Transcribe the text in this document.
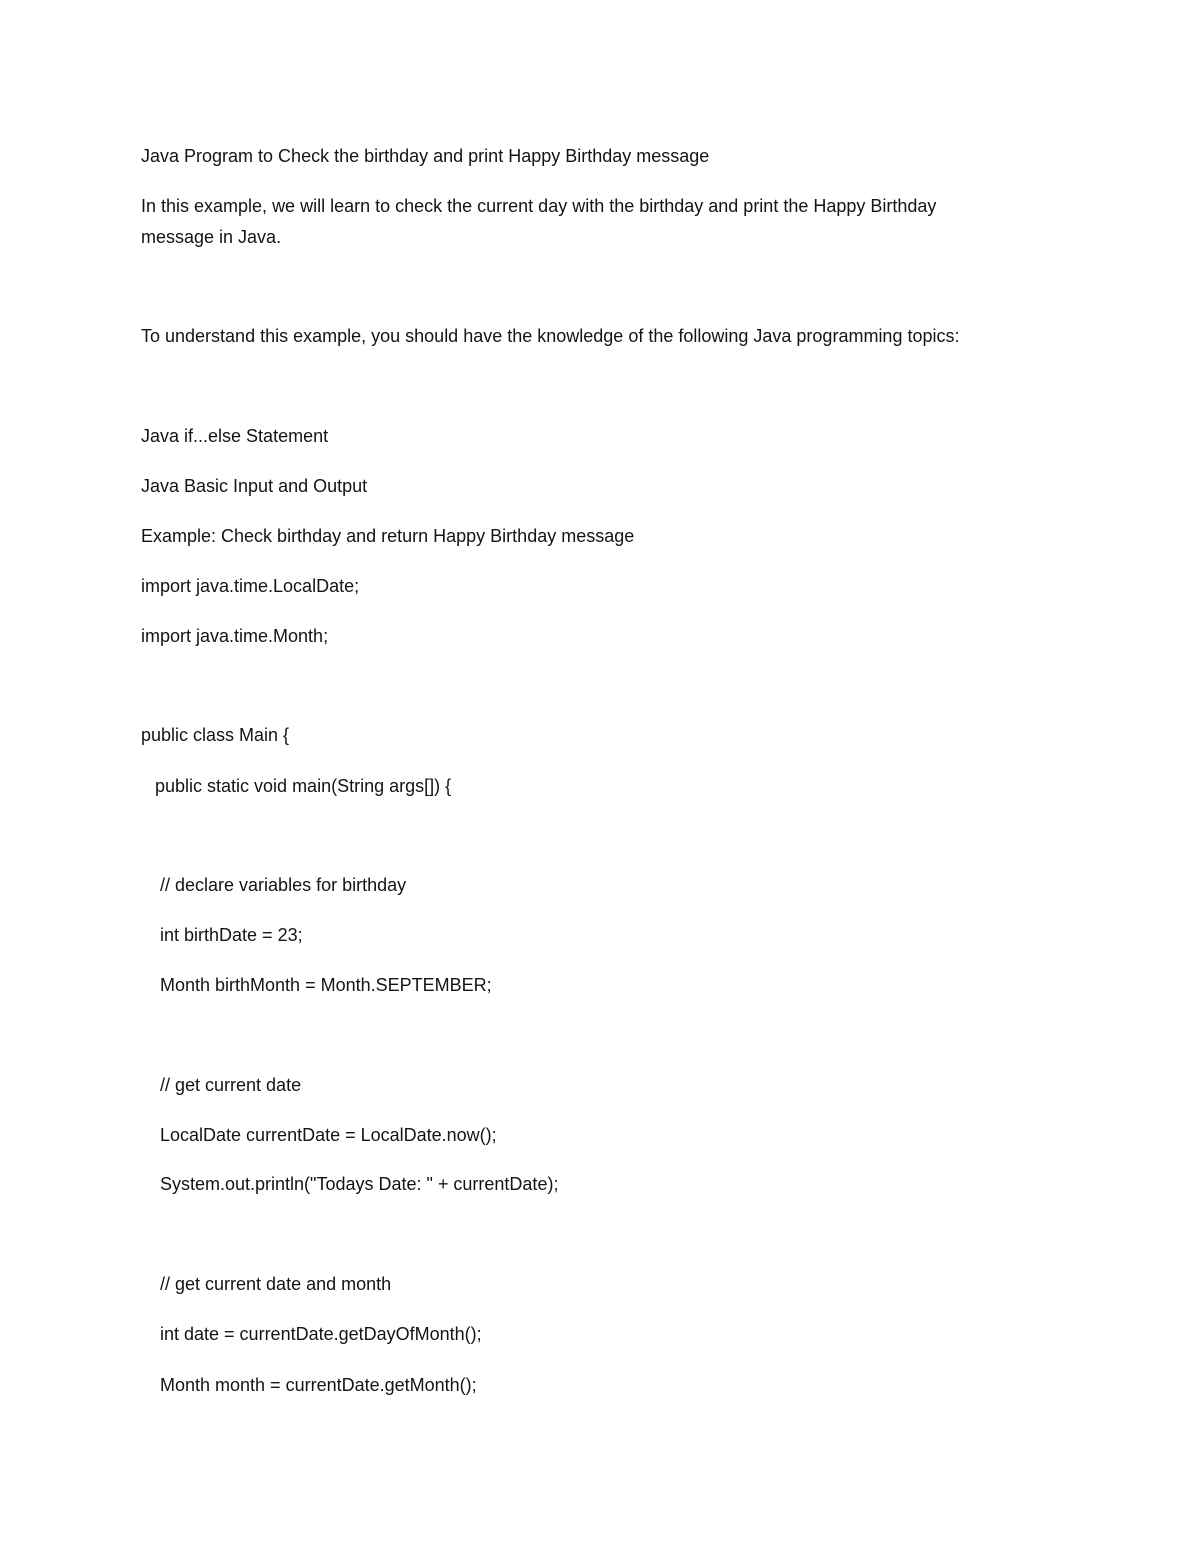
Java Program to Check the birthday and print Happy Birthday message
In this example, we will learn to check the current day with the birthday and print the Happy Birthday
message in Java.
To understand this example, you should have the knowledge of the following Java programming topics:
Java if...else Statement
Java Basic Input and Output
Example: Check birthday and return Happy Birthday message
import java.time.LocalDate;
import java.time.Month;
public class Main {
public static void main(String args[]) {
// declare variables for birthday
int birthDate = 23;
Month birthMonth = Month.SEPTEMBER;
// get current date
LocalDate currentDate = LocalDate.now();
System.out.println("Todays Date: " + currentDate);
// get current date and month
int date = currentDate.getDayOfMonth();
Month month = currentDate.getMonth();
